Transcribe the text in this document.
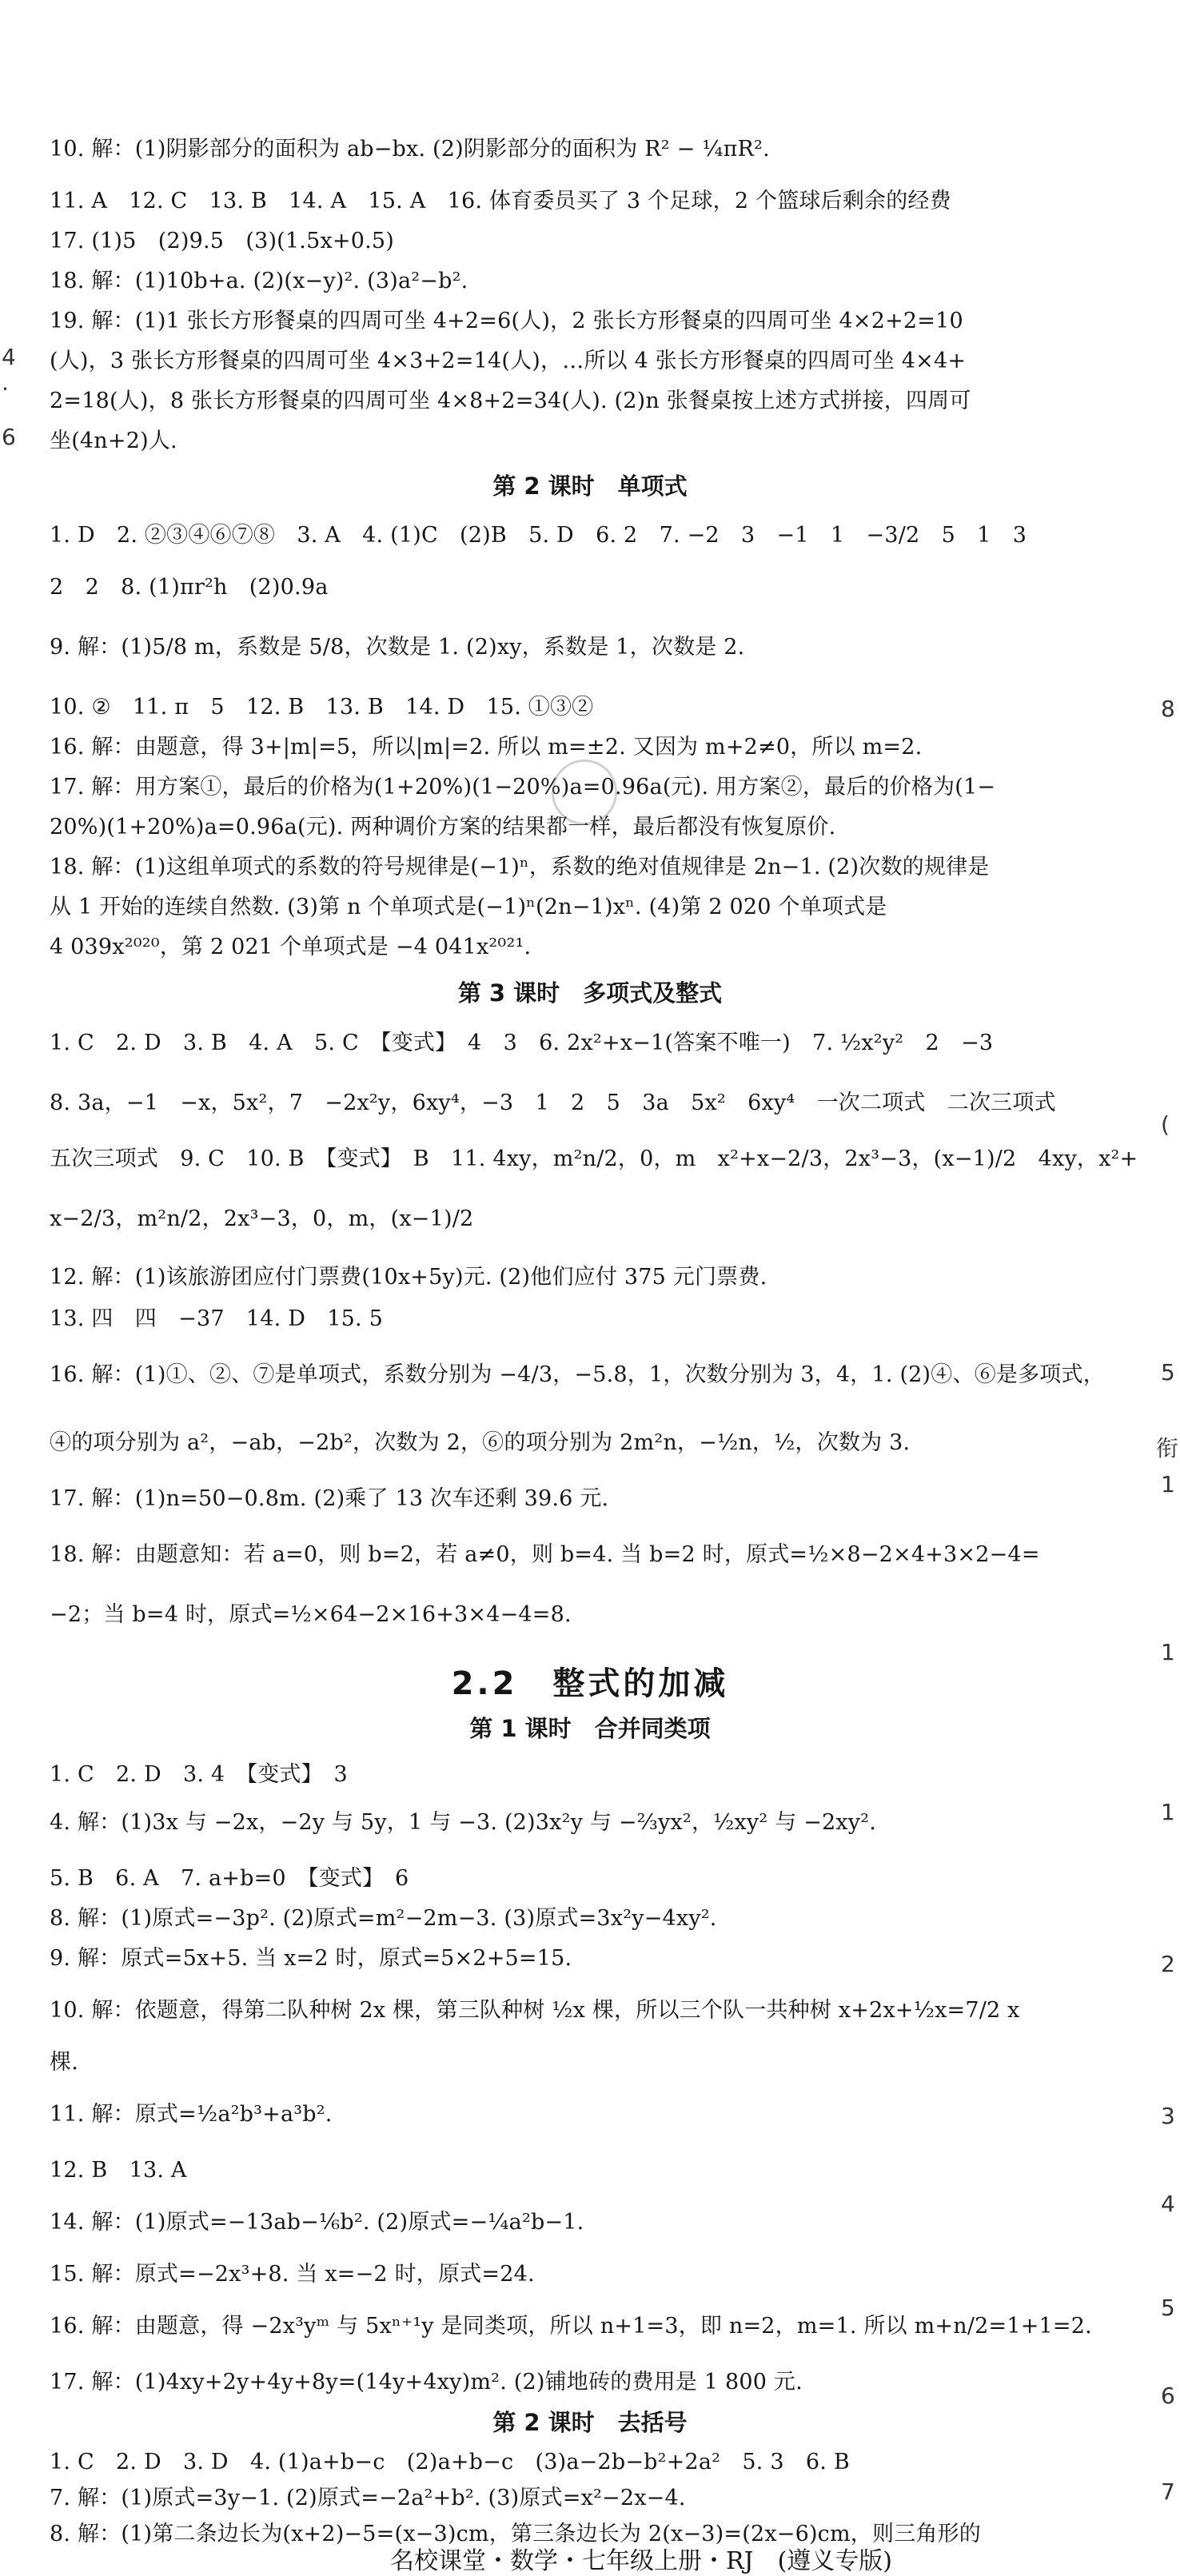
10. 解：(1)阴影部分的面积为 ab−bx. (2)阴影部分的面积为 R² − ¼πR².
11. A　12. C　13. B　14. A　15. A　16. 体育委员买了 3 个足球，2 个篮球后剩余的经费
17. (1)5　(2)9.5　(3)(1.5x+0.5)
18. 解：(1)10b+a. (2)(x−y)². (3)a²−b².
19. 解：(1)1 张长方形餐桌的四周可坐 4+2=6(人)，2 张长方形餐桌的四周可坐 4×2+2=10
(人)，3 张长方形餐桌的四周可坐 4×3+2=14(人)，…所以 4 张长方形餐桌的四周可坐 4×4+
2=18(人)，8 张长方形餐桌的四周可坐 4×8+2=34(人). (2)n 张餐桌按上述方式拼接，四周可
坐(4n+2)人.
第 2 课时　单项式
1. D　2. ②③④⑥⑦⑧　3. A　4. (1)C　(2)B　5. D　6. 2　7. −2　3　−1　1　−3/2　5　1　3
2　2　8. (1)πr²h　(2)0.9a
9. 解：(1)5/8 m，系数是 5/8，次数是 1. (2)xy，系数是 1，次数是 2.
10. ②　11. π　5　12. B　13. B　14. D　15. ①③②
16. 解：由题意，得 3+|m|=5，所以|m|=2. 所以 m=±2. 又因为 m+2≠0，所以 m=2.
17. 解：用方案①，最后的价格为(1+20%)(1−20%)a=0.96a(元). 用方案②，最后的价格为(1−
20%)(1+20%)a=0.96a(元). 两种调价方案的结果都一样，最后都没有恢复原价.
18. 解：(1)这组单项式的系数的符号规律是(−1)ⁿ，系数的绝对值规律是 2n−1. (2)次数的规律是
从 1 开始的连续自然数. (3)第 n 个单项式是(−1)ⁿ(2n−1)xⁿ. (4)第 2 020 个单项式是
4 039x²⁰²⁰，第 2 021 个单项式是 −4 041x²⁰²¹.
第 3 课时　多项式及整式
1. C　2. D　3. B　4. A　5. C　【变式】　4　3　6. 2x²+x−1(答案不唯一)　7. ½x²y²　2　−3
8. 3a，−1　−x，5x²，7　−2x²y，6xy⁴，−3　1　2　5　3a　5x²　6xy⁴　一次二项式　二次三项式
五次三项式　9. C　10. B　【变式】　B　11. 4xy，m²n/2，0，m　x²+x−2/3，2x³−3，(x−1)/2　4xy，x²+
x−2/3，m²n/2，2x³−3，0，m，(x−1)/2
12. 解：(1)该旅游团应付门票费(10x+5y)元. (2)他们应付 375 元门票费.
13. 四　四　−37　14. D　15. 5
16. 解：(1)①、②、⑦是单项式，系数分别为 −4/3，−5.8，1，次数分别为 3，4，1. (2)④、⑥是多项式，
④的项分别为 a²，−ab，−2b²，次数为 2，⑥的项分别为 2m²n，−½n，½，次数为 3.
17. 解：(1)n=50−0.8m. (2)乘了 13 次车还剩 39.6 元.
18. 解：由题意知：若 a=0，则 b=2，若 a≠0，则 b=4. 当 b=2 时，原式=½×8−2×4+3×2−4=
−2；当 b=4 时，原式=½×64−2×16+3×4−4=8.
2.2　整式的加减
第 1 课时　合并同类项
1. C　2. D　3. 4　【变式】　3
4. 解：(1)3x 与 −2x，−2y 与 5y，1 与 −3. (2)3x²y 与 −⅔yx²，½xy² 与 −2xy².
5. B　6. A　7. a+b=0　【变式】　6
8. 解：(1)原式=−3p². (2)原式=m²−2m−3. (3)原式=3x²y−4xy².
9. 解：原式=5x+5. 当 x=2 时，原式=5×2+5=15.
10. 解：依题意，得第二队种树 2x 棵，第三队种树 ½x 棵，所以三个队一共种树 x+2x+½x=7/2 x
棵.
11. 解：原式=½a²b³+a³b².
12. B　13. A
14. 解：(1)原式=−13ab−⅙b². (2)原式=−¼a²b−1.
15. 解：原式=−2x³+8. 当 x=−2 时，原式=24.
16. 解：由题意，得 −2x³yᵐ 与 5xⁿ⁺¹y 是同类项，所以 n+1=3，即 n=2，m=1. 所以 m+n/2=1+1=2.
17. 解：(1)4xy+2y+4y+8y=(14y+4xy)m². (2)铺地砖的费用是 1 800 元.
第 2 课时　去括号
1. C　2. D　3. D　4. (1)a+b−c　(2)a+b−c　(3)a−2b−b²+2a²　5. 3　6. B
7. 解：(1)原式=3y−1. (2)原式=−2a²+b². (3)原式=x²−2x−4.
8. 解：(1)第二条边长为(x+2)−5=(x−3)cm，第三条边长为 2(x−3)=(2x−6)cm，则三角形的
4
·
6
8
(
5
衔
1
1
1
2
3
4
5
6
7
名校课堂・数学・七年级上册・RJ　(遵义专版)
